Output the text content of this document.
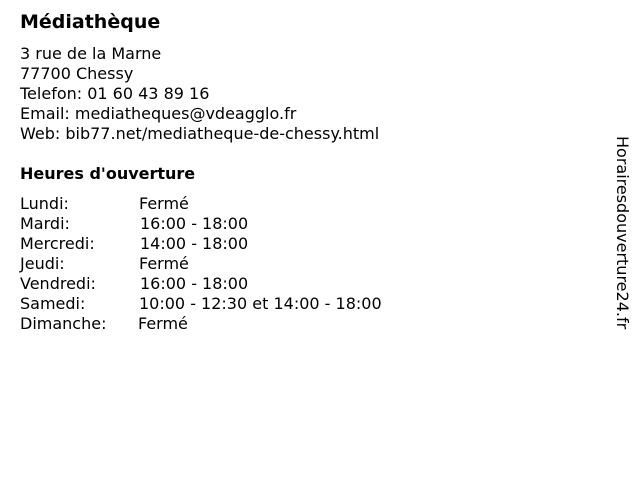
Médiathèque
3 rue de la Marne
77700 Chessy
Telefon: 01 60 43 89 16
Email: mediatheques@vdeagglo.fr
Web: bib77.net/mediatheque-de-chessy.html
Heures d'ouverture
Lundi:	Fermé
Mardi:	16:00 - 18:00
Mercredi:	14:00 - 18:00
Jeudi:	Fermé
Vendredi:	16:00 - 18:00
Samedi:	10:00 - 12:30 et 14:00 - 18:00
Dimanche: Fermé	Horairesdouverture24.fr
